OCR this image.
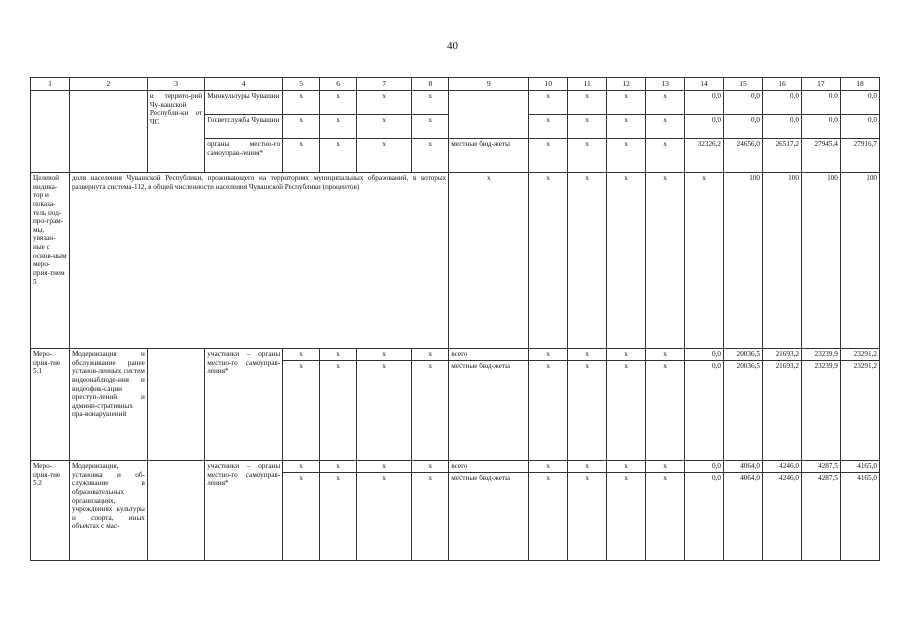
40
1	2	3	4	5	6	7	8	9	10	11	12	13	14	15	16	17	18
		и террито-рий Чу-вашской Республи-ки от ЧС	Минкультуры Чувашии	x	x	x	x		x	x	x	x	0,0	0,0	0,0	0.0	0,0
			Госветслужба Чувашии	x	x	x	x		x	x	x	x	0,0	0,0	0,0	0,0	0,0
			органы местно-го самоуправ-ления*	x	x	x	x	местные бюд-жеты	x	x	x	x	32326,2	24656,0	26517,2	27945,4	27916,7
Целевой индика-тор и показа-тель под-про-грам-мы, увязан-ные с основ-ным меро-прия-тием 5	доля населения Чувашской Республики, проживающего на территориях муниципальных образований, в которых развернута система-112, в общей численности населения Чувашской Республики (процентов)							x	x	x	x	x	x	100	100	100	100
Меро-прия-тие 5.1	Модернизация и обслуживание ранее установ-ленных систем видеонаблюде-ния и видеофик-сации преступ-лений и админи-стративных пра-вонарушений		участники – органы местно-го самоуправ-ления*	x	x	x	x	всего	x	x	x	x	0,0	20036,5	21693,2	23239,9	23291,2
				x	x	x	x	местные бюд-жеты	x	x	x	x	0,0	20036,5	21693,2	23239,9	23291,2
Меро-прия-тие 5.2	Модернизация, установка и об-служивание в образовательных организациях, учреждениях культуры и спорта, иных объектах с мас-		участники – органы местно-го самоуправ-ления*	x	x	x	x	всего	x	x	x	x	0,0	4064,0	4246,0	4287,5	4165,0
				x	x	x	x	местные бюд-жеты	x	x	x	x	0,0	4064,0	4246,0	4287,5	4165,0
